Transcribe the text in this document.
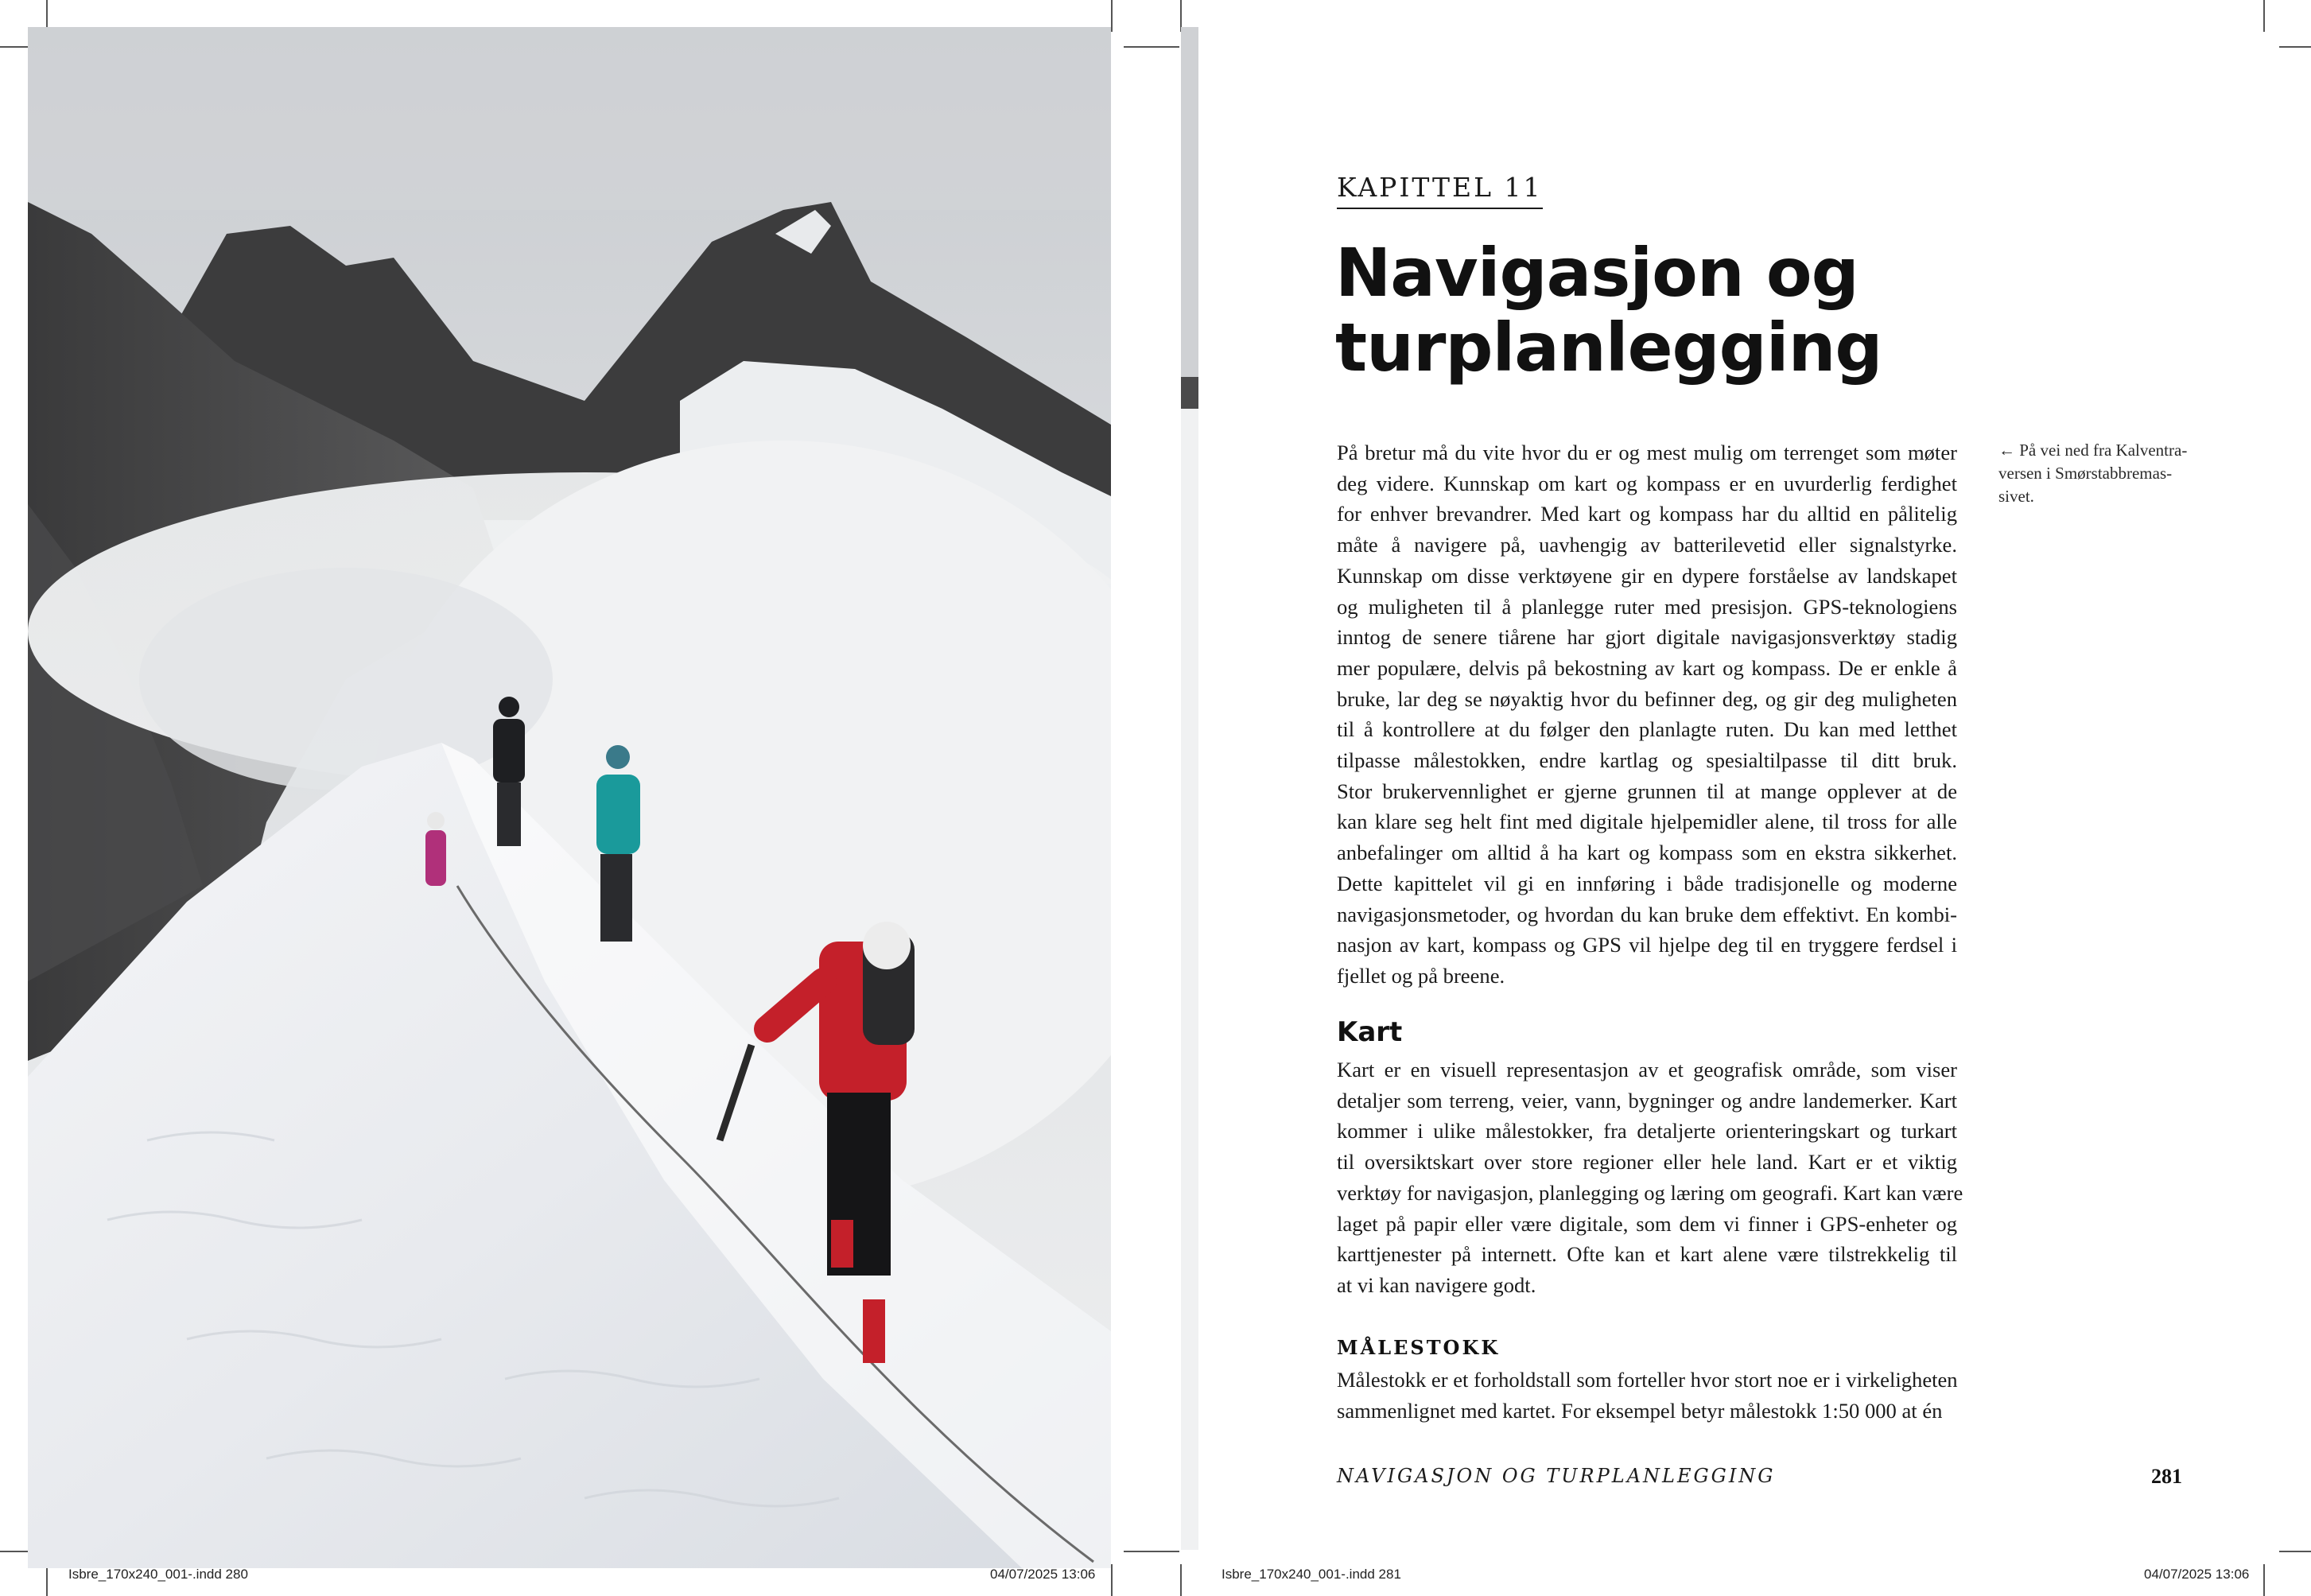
Isbre_170x240_001-.indd 280	04/07/2025 13:06
KAPITTEL 11
Navigasjon og
turplanlegging
← På vei ned fra Kalventra-
versen i Smørstabbremas-
sivet.
På bretur må du vite hvor du er og mest mulig om terrenget som møter
deg videre. Kunnskap om kart og kompass er en uvurderlig ferdighet
for enhver brevandrer. Med kart og kompass har du alltid en pålitelig
måte å navigere på, uavhengig av batterilevetid eller signalstyrke.
Kunnskap om disse verktøyene gir en dypere forståelse av landskapet
og muligheten til å planlegge ruter med presisjon. GPS-teknologiens
inntog de senere tiårene har gjort digitale navigasjonsverktøy stadig
mer populære, delvis på bekostning av kart og kompass. De er enkle å
bruke, lar deg se nøyaktig hvor du befinner deg, og gir deg muligheten
til å kontrollere at du følger den planlagte ruten. Du kan med letthet
tilpasse målestokken, endre kartlag og spesialtilpasse til ditt bruk.
Stor brukervennlighet er gjerne grunnen til at mange opplever at de
kan klare seg helt fint med digitale hjelpemidler alene, til tross for alle
anbefalinger om alltid å ha kart og kompass som en ekstra sikkerhet.
Dette kapittelet vil gi en innføring i både tradisjonelle og moderne
navigasjonsmetoder, og hvordan du kan bruke dem effektivt. En kombi-
nasjon av kart, kompass og GPS vil hjelpe deg til en tryggere ferdsel i
fjellet og på breene.
Kart
Kart er en visuell representasjon av et geografisk område, som viser
detaljer som terreng, veier, vann, bygninger og andre landemerker. Kart
kommer i ulike målestokker, fra detaljerte orienteringskart og turkart
til oversiktskart over store regioner eller hele land. Kart er et viktig
verktøy for navigasjon, planlegging og læring om geografi. Kart kan være
laget på papir eller være digitale, som dem vi finner i GPS-enheter og
karttjenester på internett. Ofte kan et kart alene være tilstrekkelig til
at vi kan navigere godt.
MÅLESTOKK
Målestokk er et forholdstall som forteller hvor stort noe er i virkeligheten
sammenlignet med kartet. For eksempel betyr målestokk 1:50 000 at én
NAVIGASJON OG TURPLANLEGGING	281
Isbre_170x240_001-.indd 281	04/07/2025 13:06
